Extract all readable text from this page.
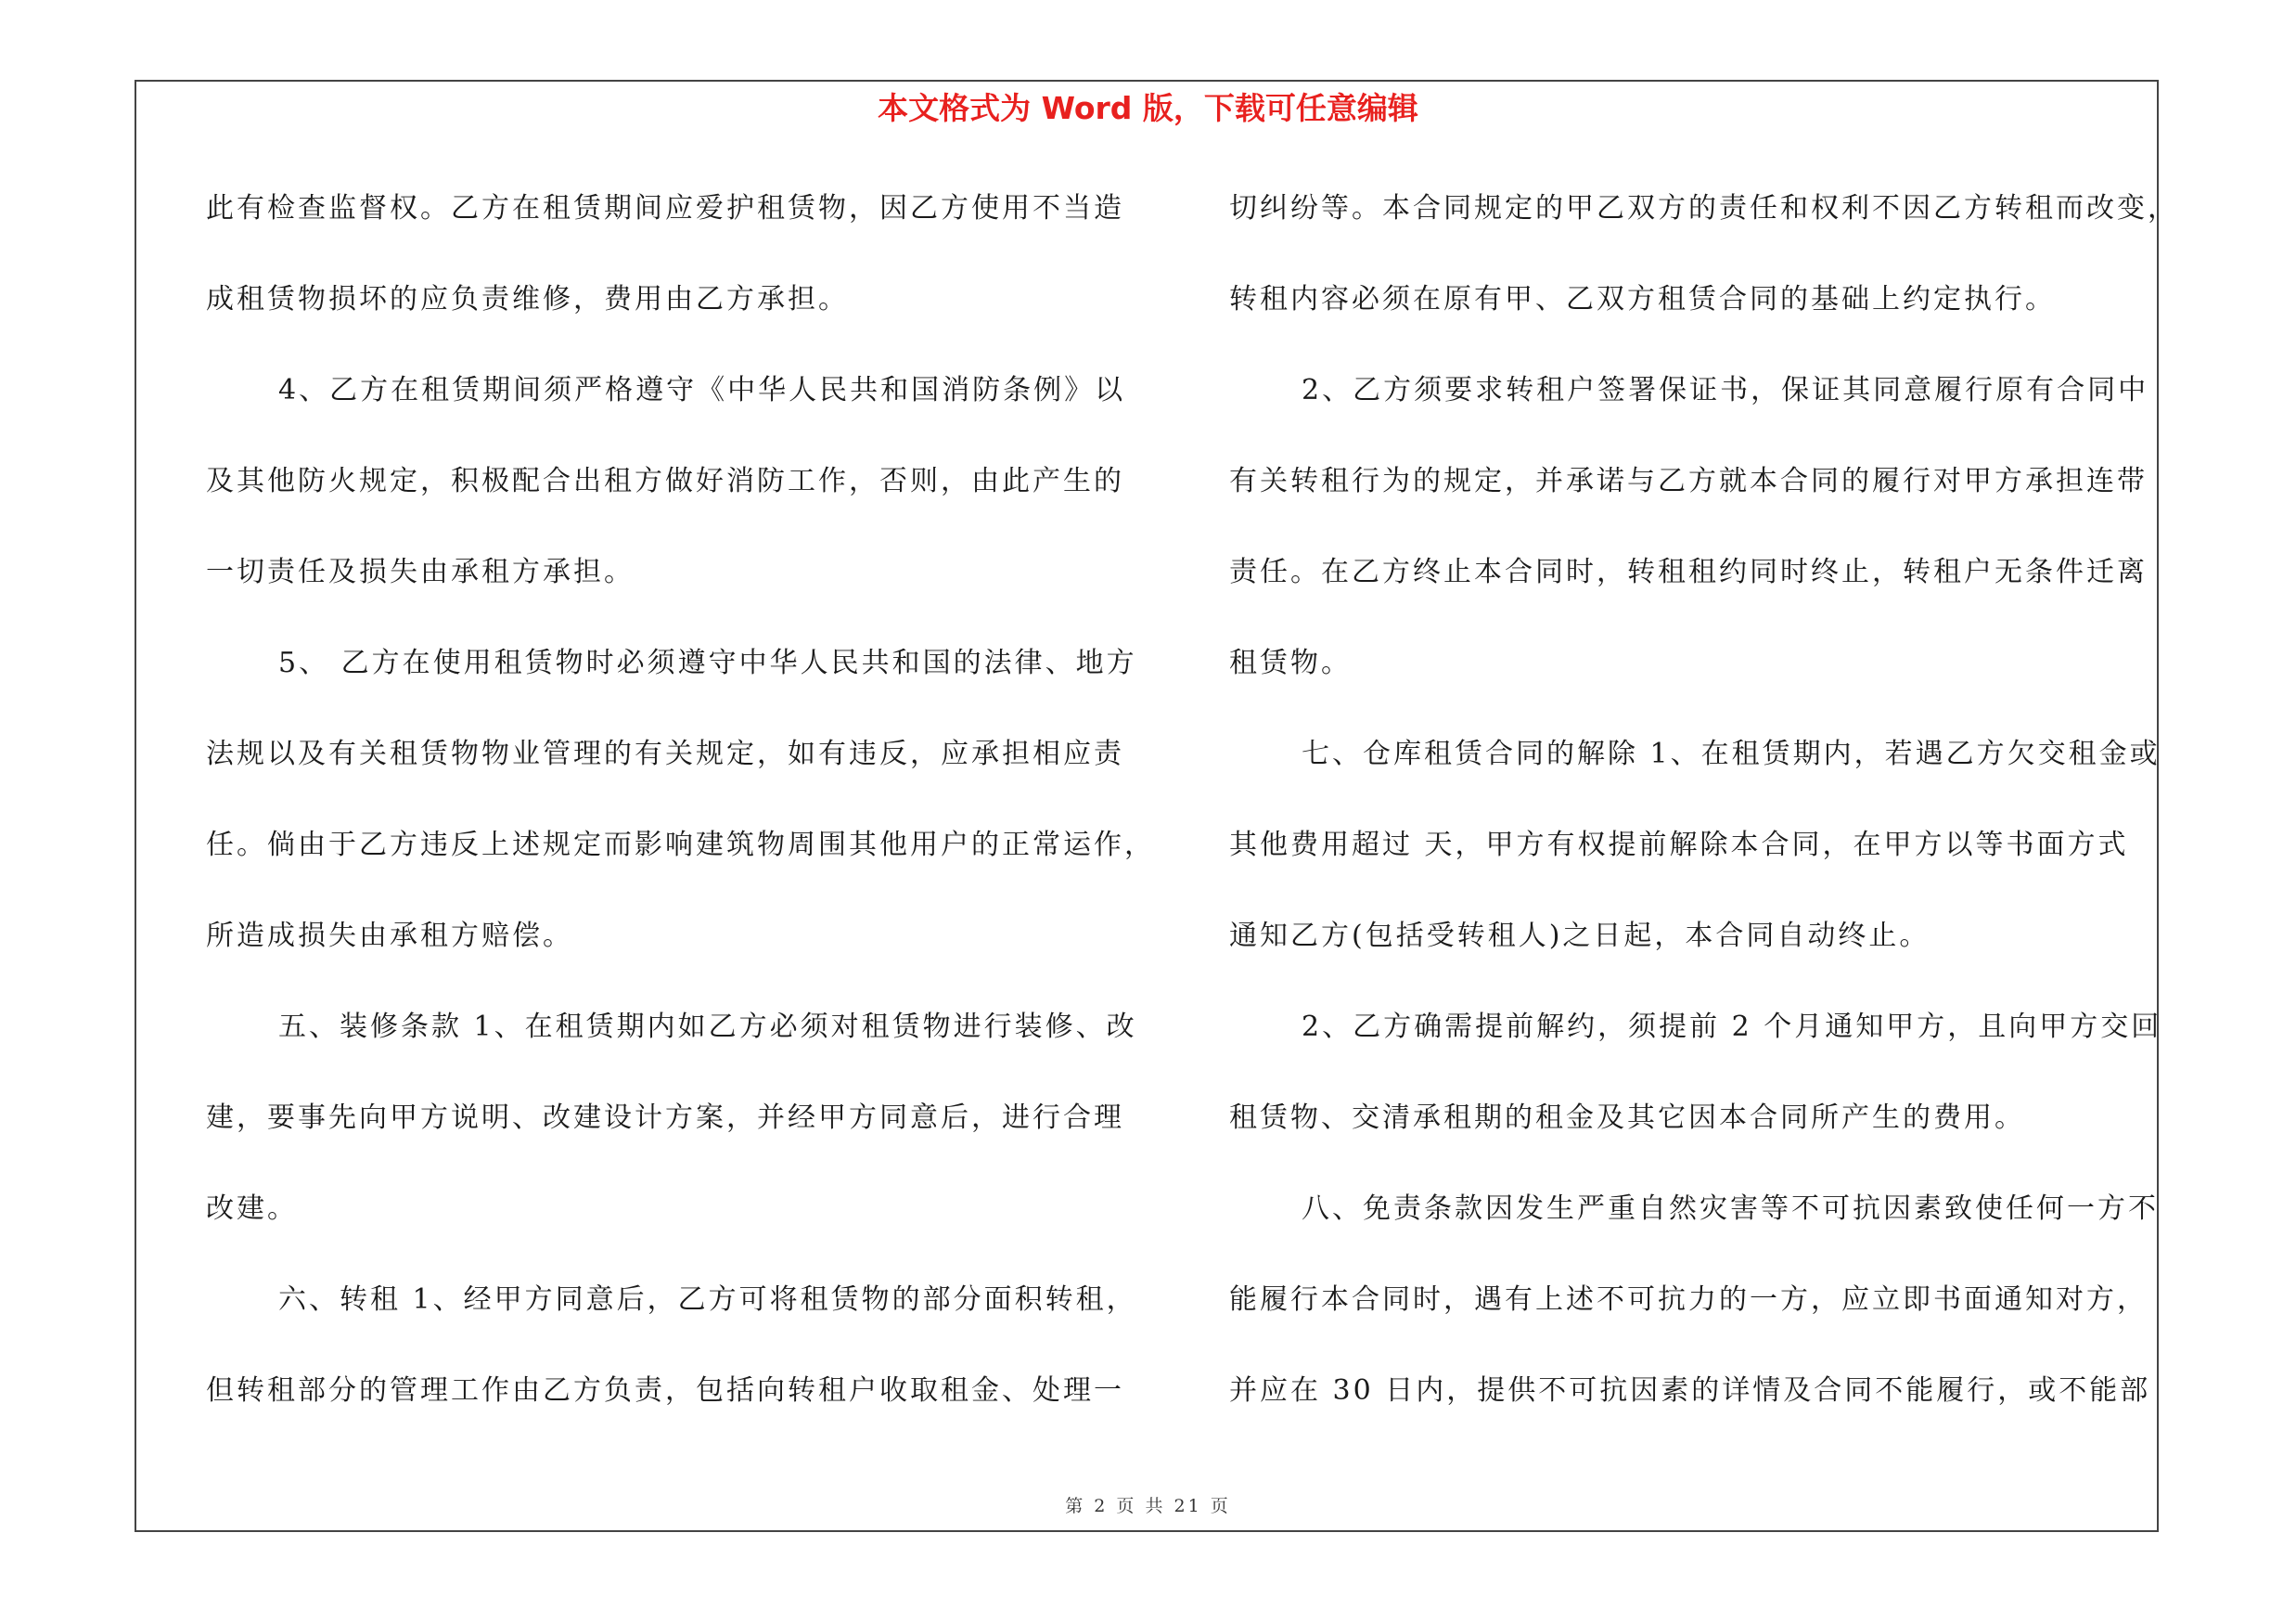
本文格式为 Word 版，下载可任意编辑
此有检查监督权。乙方在租赁期间应爱护租赁物，因乙方使用不当造
成租赁物损坏的应负责维修，费用由乙方承担。
4、乙方在租赁期间须严格遵守《中华人民共和国消防条例》以
及其他防火规定，积极配合出租方做好消防工作，否则，由此产生的
一切责任及损失由承租方承担。
5、 乙方在使用租赁物时必须遵守中华人民共和国的法律、地方
法规以及有关租赁物物业管理的有关规定，如有违反，应承担相应责
任。倘由于乙方违反上述规定而影响建筑物周围其他用户的正常运作，
所造成损失由承租方赔偿。
五、装修条款 1、在租赁期内如乙方必须对租赁物进行装修、改
建，要事先向甲方说明、改建设计方案，并经甲方同意后，进行合理
改建。
六、转租 1、经甲方同意后，乙方可将租赁物的部分面积转租，
但转租部分的管理工作由乙方负责，包括向转租户收取租金、处理一
切纠纷等。本合同规定的甲乙双方的责任和权利不因乙方转租而改变，
转租内容必须在原有甲、乙双方租赁合同的基础上约定执行。
2、乙方须要求转租户签署保证书，保证其同意履行原有合同中
有关转租行为的规定，并承诺与乙方就本合同的履行对甲方承担连带
责任。在乙方终止本合同时，转租租约同时终止，转租户无条件迁离
租赁物。
七、仓库租赁合同的解除 1、在租赁期内，若遇乙方欠交租金或
其他费用超过 天，甲方有权提前解除本合同，在甲方以等书面方式
通知乙方(包括受转租人)之日起，本合同自动终止。
2、乙方确需提前解约，须提前 2 个月通知甲方，且向甲方交回
租赁物、交清承租期的租金及其它因本合同所产生的费用。
八、免责条款因发生严重自然灾害等不可抗因素致使任何一方不
能履行本合同时，遇有上述不可抗力的一方，应立即书面通知对方，
并应在 30 日内，提供不可抗因素的详情及合同不能履行，或不能部
第 2 页 共 21 页
